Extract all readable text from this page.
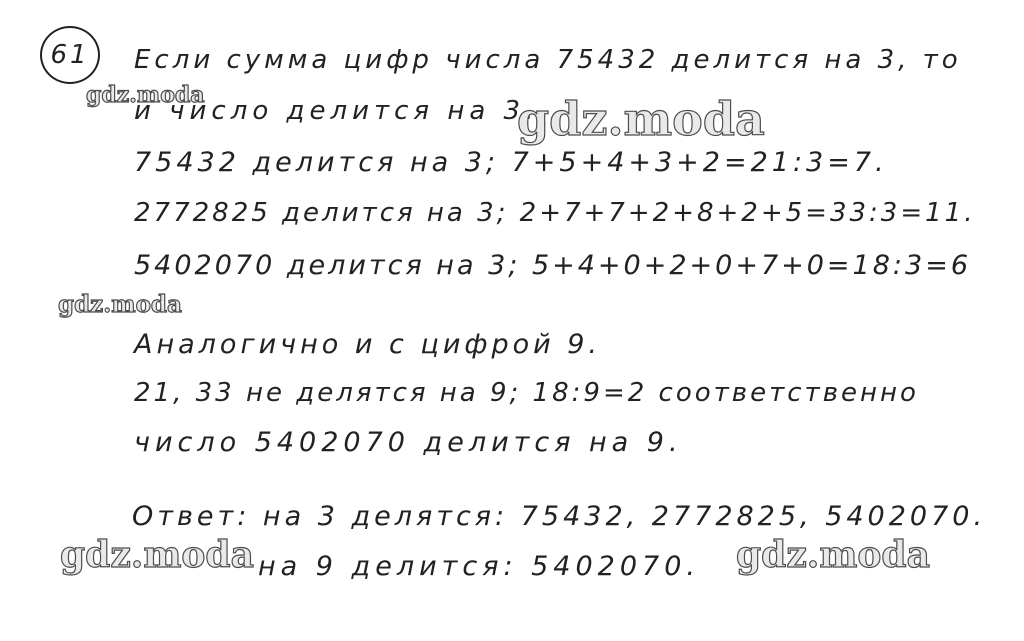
61	Если сумма цифр числа 75432 делится на 3, то
и число делится на 3.
75432 делится на 3; 7+5+4+3+2=21:3=7.
2772825 делится на 3; 2+7+7+2+8+2+5=33:3=11.
5402070 делится на 3; 5+4+0+2+0+7+0=18:3=6
Аналогично и с цифрой 9.
21, 33 не делятся на 9; 18:9=2 соответственно
число 5402070 делится на 9.
Ответ: на 3 делятся: 75432, 2772825, 5402070.
на 9 делится: 5402070.
gdz.moda	gdz.moda
gdz.moda
gdz.moda	gdz.moda
